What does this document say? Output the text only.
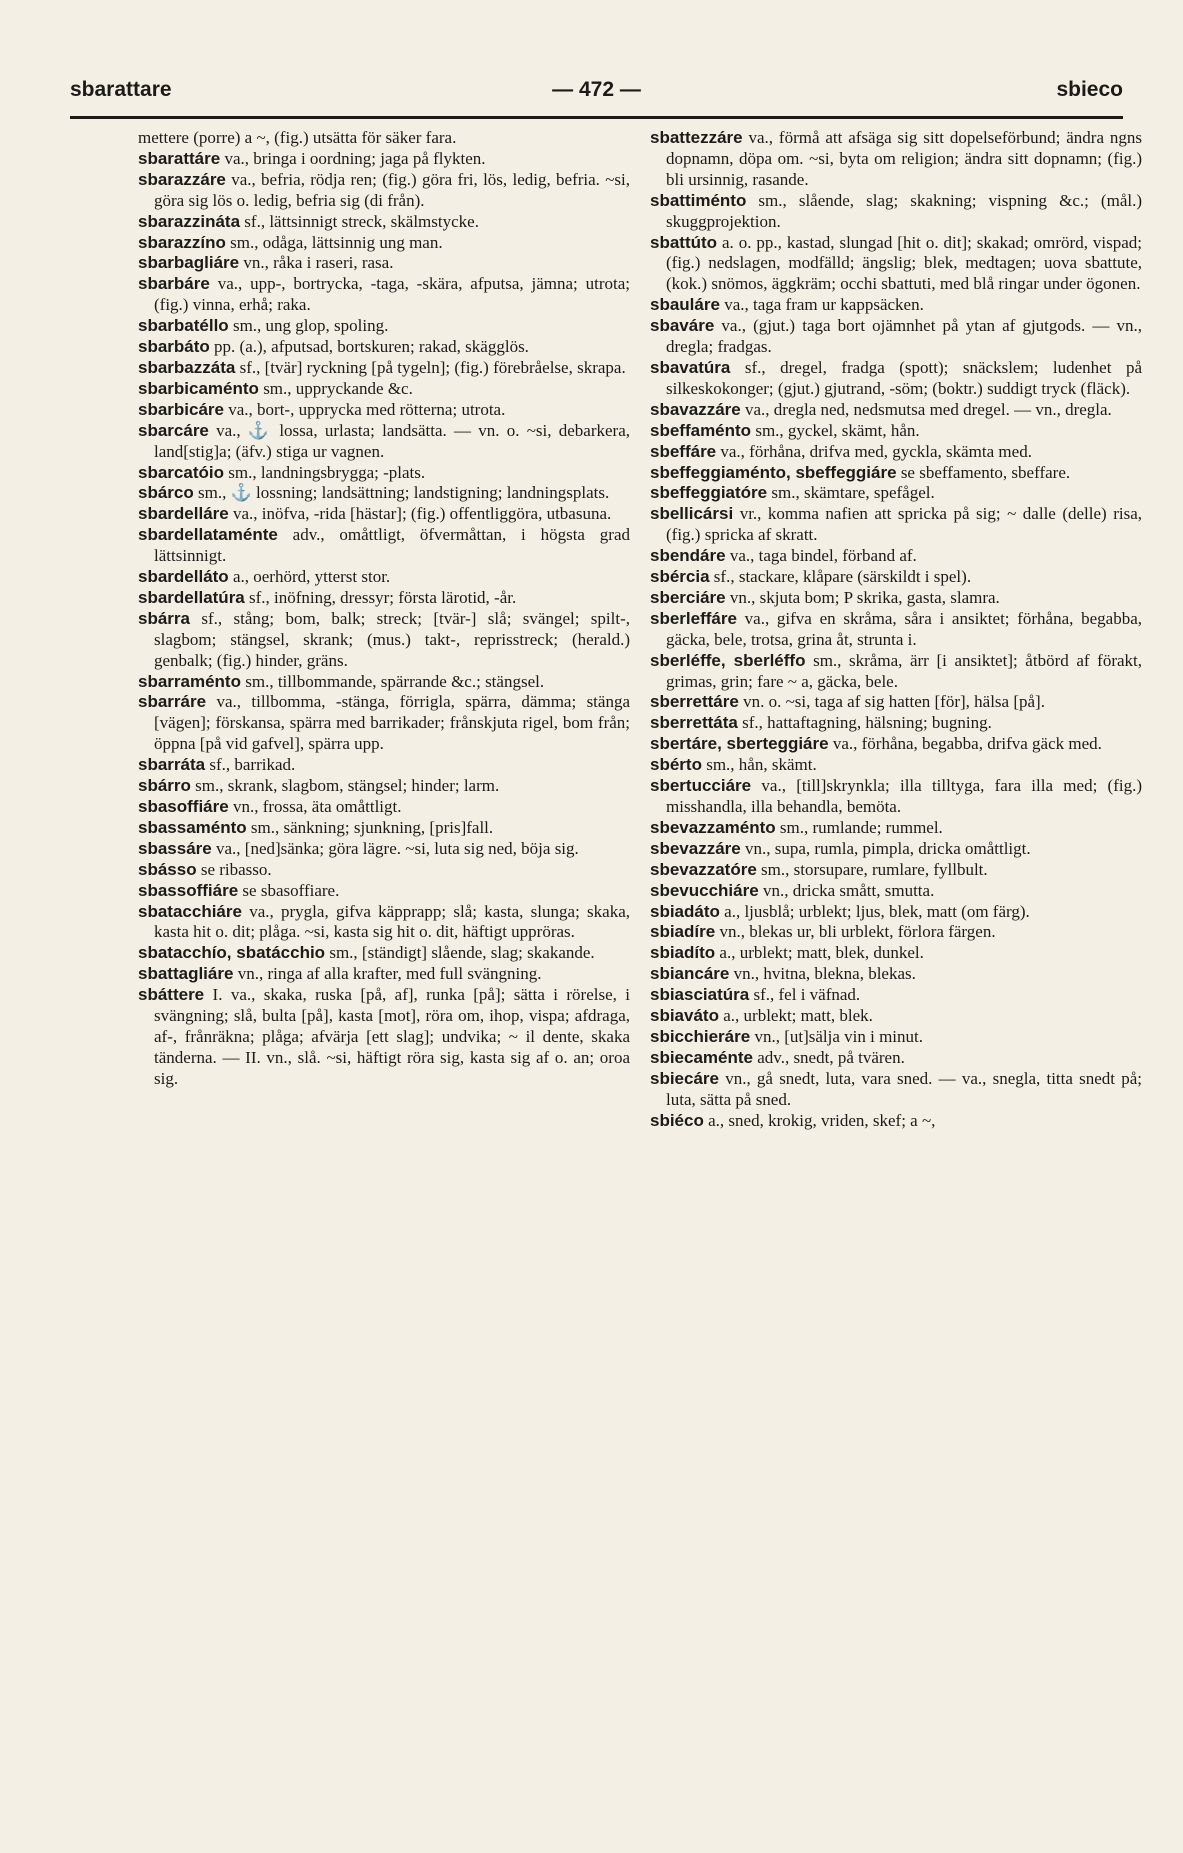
sbarattare	— 472 —	sbieco

mettere (porre) a ~, (fig.) utsätta för säker fara.

sbarattáre va., bringa i oordning; jaga på flykten.

sbarazzáre va., befria, rödja ren; (fig.) göra fri, lös, ledig, befria. ~si, göra sig lös o. ledig, befria sig (di från).

sbarazzináta sf., lättsinnigt streck, skälmstycke.

sbarazzíno sm., odåga, lättsinnig ung man.

sbarbagliáre vn., råka i raseri, rasa.

sbarbáre va., upp-, bortrycka, -taga, -skära, afputsa, jämna; utrota; (fig.) vinna, erhå; raka.

sbarbatéllo sm., ung glop, spoling.

sbarbáto pp. (a.), afputsad, bortskuren; rakad, skägglös.

sbarbazzáta sf., [tvär] ryckning [på tygeln]; (fig.) förebråelse, skrapa.

sbarbicaménto sm., uppryckande &c.

sbarbicáre va., bort-, upprycka med rötterna; utrota.

sbarcáre va., ⚓ lossa, urlasta; landsätta. — vn. o. ~si, debarkera, land[stig]a; (äfv.) stiga ur vagnen.

sbarcatóio sm., landningsbrygga; -plats.

sbárco sm., ⚓ lossning; landsättning; landstigning; landningsplats.

sbardelláre va., inöfva, -rida [hästar]; (fig.) offentliggöra, utbasuna.

sbardellataménte adv., omåttligt, öfvermåttan, i högsta grad lättsinnigt.

sbardelláto a., oerhörd, ytterst stor.

sbardellatúra sf., inöfning, dressyr; första lärotid, -år.

sbárra sf., stång; bom, balk; streck; [tvär-] slå; svängel; spilt-, slagbom; stängsel, skrank; (mus.) takt-, reprisstreck; (herald.) genbalk; (fig.) hinder, gräns.

sbarraménto sm., tillbommande, spärrande &c.; stängsel.

sbarráre va., tillbomma, -stänga, förrigla, spärra, dämma; stänga [vägen]; förskansa, spärra med barrikader; frånskjuta rigel, bom från; öppna [på vid gafvel], spärra upp.

sbarráta sf., barrikad.

sbárro sm., skrank, slagbom, stängsel; hinder; larm.

sbasoffiáre vn., frossa, äta omåttligt.

sbassaménto sm., sänkning; sjunkning, [pris]fall.

sbassáre va., [ned]sänka; göra lägre. ~si, luta sig ned, böja sig.

sbásso se ribasso.

sbassoffiáre se sbasoffiare.

sbatacchiáre va., prygla, gifva käpprapp; slå; kasta, slunga; skaka, kasta hit o. dit; plåga. ~si, kasta sig hit o. dit, häftigt uppröras.

sbatacchío, sbatácchio sm., [ständigt] slående, slag; skakande.

sbattagliáre vn., ringa af alla krafter, med full svängning.

sbáttere I. va., skaka, ruska [på, af], runka [på]; sätta i rörelse, i svängning; slå, bulta [på], kasta [mot], röra om, ihop, vispa; afdraga, af-, frånräkna; plåga; afvärja [ett slag]; undvika; ~ il dente, skaka tänderna. — II. vn., slå. ~si, häftigt röra sig, kasta sig af o. an; oroa sig.

sbattezzáre va., förmå att afsäga sig sitt dopelseförbund; ändra ngns dopnamn, döpa om. ~si, byta om religion; ändra sitt dopnamn; (fig.) bli ursinnig, rasande.

sbattiménto sm., slående, slag; skakning; vispning &c.; (mål.) skuggprojektion.

sbattúto a. o. pp., kastad, slungad [hit o. dit]; skakad; omrörd, vispad; (fig.) nedslagen, modfälld; ängslig; blek, medtagen; uova sbattute, (kok.) snömos, äggkräm; occhi sbattuti, med blå ringar under ögonen.

sbauláre va., taga fram ur kappsäcken.

sbaváre va., (gjut.) taga bort ojämnhet på ytan af gjutgods. — vn., dregla; fradgas.

sbavatúra sf., dregel, fradga (spott); snäckslem; ludenhet på silkeskokonger; (gjut.) gjutrand, -söm; (boktr.) suddigt tryck (fläck).

sbavazzáre va., dregla ned, nedsmutsa med dregel. — vn., dregla.

sbeffaménto sm., gyckel, skämt, hån.

sbeffáre va., förhåna, drifva med, gyckla, skämta med.

sbeffeggiaménto, sbeffeggiáre se sbeffamento, sbeffare.

sbeffeggiatóre sm., skämtare, spefågel.

sbellicársi vr., komma nafien att spricka på sig; ~ dalle (delle) risa, (fig.) spricka af skratt.

sbendáre va., taga bindel, förband af.

sbércia sf., stackare, klåpare (särskildt i spel).

sberciáre vn., skjuta bom; P skrika, gasta, slamra.

sberleffáre va., gifva en skråma, såra i ansiktet; förhåna, begabba, gäcka, bele, trotsa, grina åt, strunta i.

sberléffe, sberléffo sm., skråma, ärr [i ansiktet]; åtbörd af förakt, grimas, grin; fare ~ a, gäcka, bele.

sberrettáre vn. o. ~si, taga af sig hatten [för], hälsa [på].

sberrettáta sf., hattaftagning, hälsning; bugning.

sbertáre, sberteggiáre va., förhåna, begabba, drifva gäck med.

sbérto sm., hån, skämt.

sbertucciáre va., [till]skrynkla; illa tilltyga, fara illa med; (fig.) misshandla, illa behandla, bemöta.

sbevazzaménto sm., rumlande; rummel.

sbevazzáre vn., supa, rumla, pimpla, dricka omåttligt.

sbevazzatóre sm., storsupare, rumlare, fyllbult.

sbevucchiáre vn., dricka smått, smutta.

sbiadáto a., ljusblå; urblekt; ljus, blek, matt (om färg).

sbiadíre vn., blekas ur, bli urblekt, förlora färgen.

sbiadíto a., urblekt; matt, blek, dunkel.

sbiancáre vn., hvitna, blekna, blekas.

sbiasciatúra sf., fel i väfnad.

sbiaváto a., urblekt; matt, blek.

sbicchieráre vn., [ut]sälja vin i minut.

sbiecaménte adv., snedt, på tvären.

sbiecáre vn., gå snedt, luta, vara sned. — va., snegla, titta snedt på; luta, sätta på sned.

sbiéco a., sned, krokig, vriden, skef; a ~,
